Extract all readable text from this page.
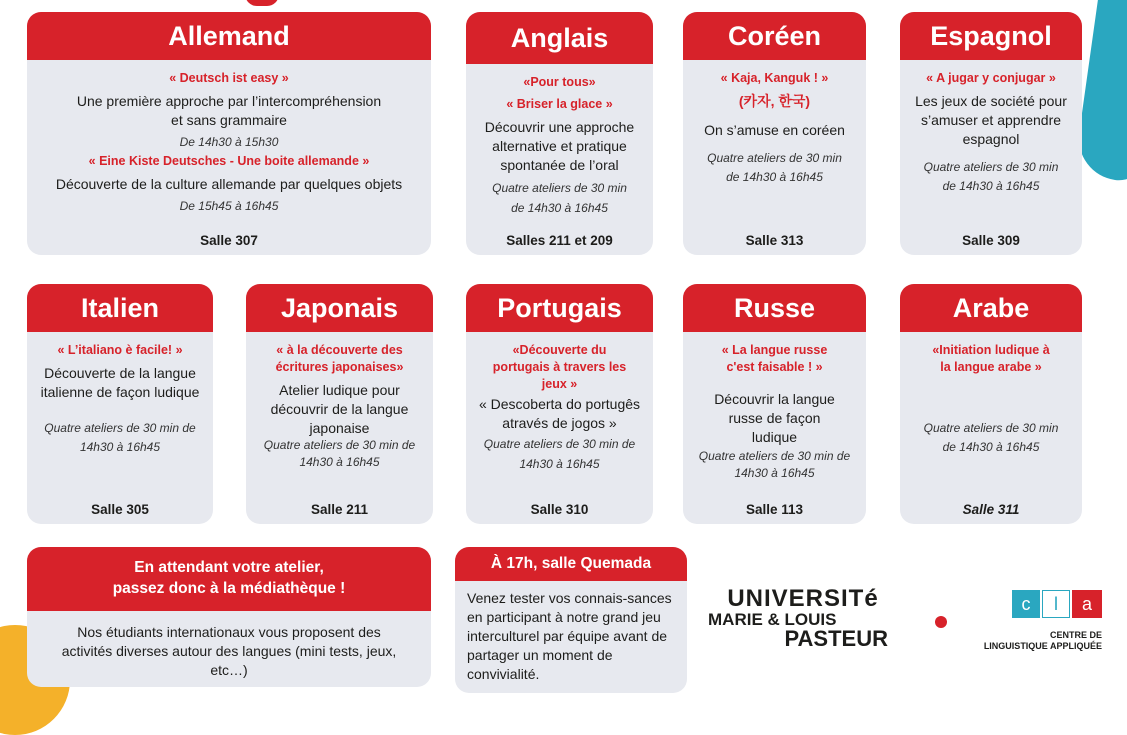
Allemand
« Deutsch ist easy »
Une première approche par l’intercompréhension et sans grammaire
De 14h30 à 15h30
« Eine Kiste Deutsches - Une boite allemande »
Découverte de la culture allemande par quelques objets
De 15h45 à 16h45
Salle 307
Anglais
«Pour tous»
« Briser la glace »
Découvrir une approche alternative et pratique spontanée de l’oral
Quatre ateliers de 30 min
de 14h30 à 16h45
Salles 211 et 209
Coréen
« Kaja, Kanguk ! »
(카자, 한국)
On s’amuse en coréen
Quatre ateliers de 30 min
de 14h30 à 16h45
Salle 313
Espagnol
« A jugar y conjugar »
Les jeux de société pour s’amuser et apprendre espagnol
Quatre ateliers de 30 min
de 14h30 à 16h45
Salle 309
Italien
« L’italiano è facile! »
Découverte de la langue italienne de façon ludique
Quatre ateliers de 30 min de
14h30 à 16h45
Salle 305
Japonais
« à la découverte des écritures japonaises»
Atelier ludique pour découvrir de la langue japonaise
Quatre ateliers de 30 min de
14h30 à 16h45
Salle 211
Portugais
«Découverte du portugais à travers les jeux »
« Descoberta do portugês através de jogos »
Quatre ateliers de 30 min de
14h30 à 16h45
Salle 310
Russe
« La langue russe c'est faisable ! »
Découvrir la langue russe de façon ludique
Quatre ateliers de 30 min de
14h30 à 16h45
Salle 113
Arabe
«Initiation ludique à la langue arabe »
Quatre ateliers de 30 min
de 14h30 à 16h45
Salle 311
En attendant votre atelier,
passez donc à la médiathèque !
Nos étudiants internationaux vous proposent des activités diverses autour des langues (mini tests, jeux, etc…)
À 17h, salle Quemada
Venez tester vos connais-sances en participant à notre grand jeu interculturel par équipe avant de partager un moment de convivialité.
UNIVERSITé
MARIE & LOUIS
PASTEUR
c	l	a
CENTRE DE
LINGUISTIQUE APPLIQUÉE
